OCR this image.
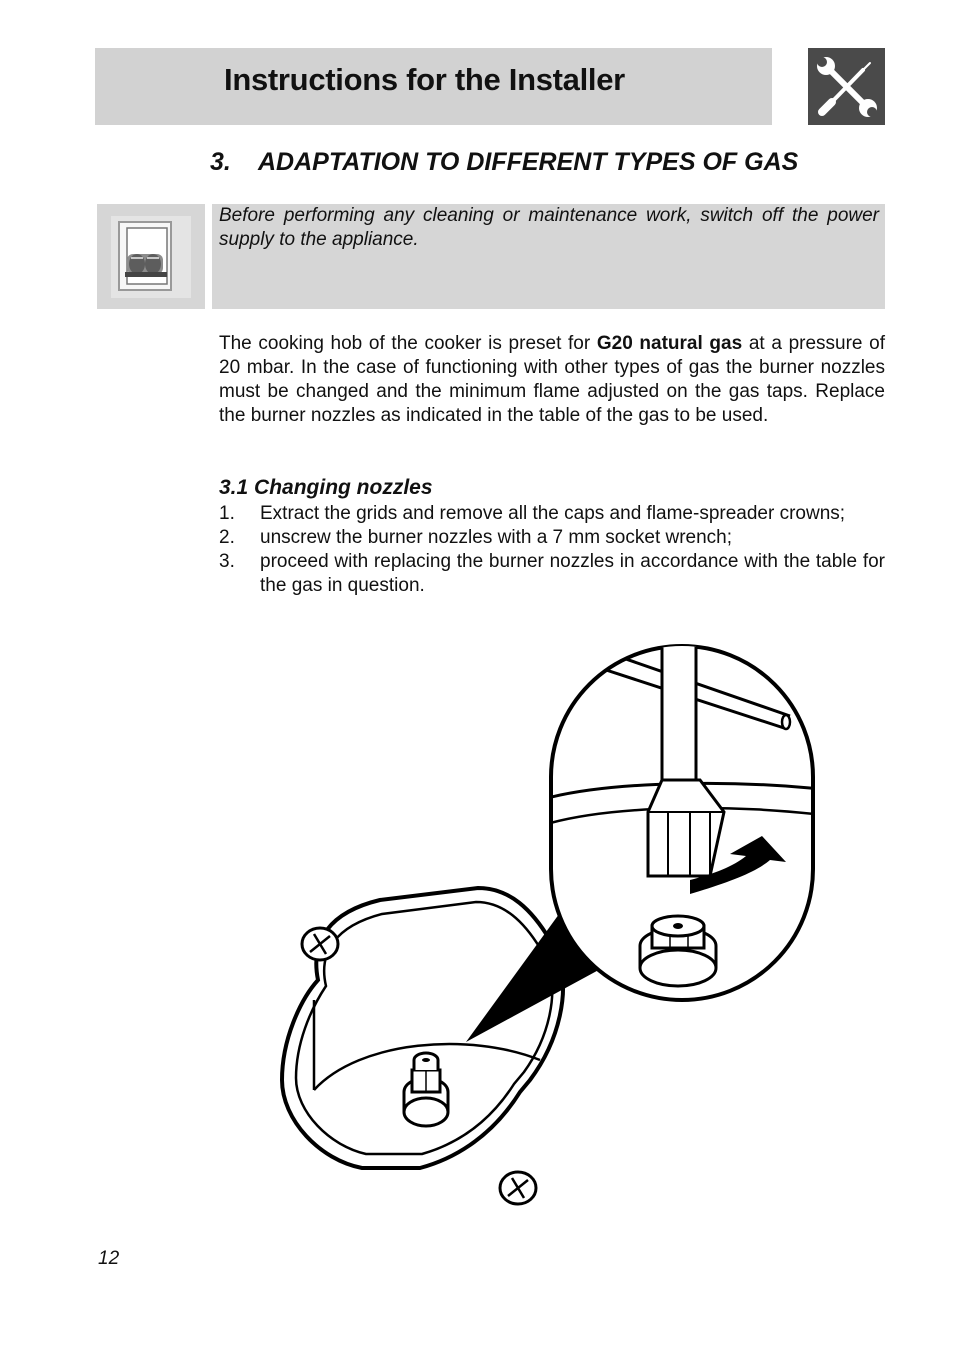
Instructions for the Installer
3. ADAPTATION TO DIFFERENT TYPES OF GAS

Before performing any cleaning or maintenance work, switch off the power supply to the appliance.

The cooking hob of the cooker is preset for G20 natural gas at a pressure of 20 mbar. In the case of functioning with other types of gas the burner nozzles must be changed and the minimum flame adjusted on the gas taps. Replace the burner nozzles as indicated in the table of the gas to be used.

3.1 Changing nozzles
1. Extract the grids and remove all the caps and flame-spreader crowns;
2. unscrew the burner nozzles with a 7 mm socket wrench;
3. proceed with replacing the burner nozzles in accordance with the table for the gas in question.
12
